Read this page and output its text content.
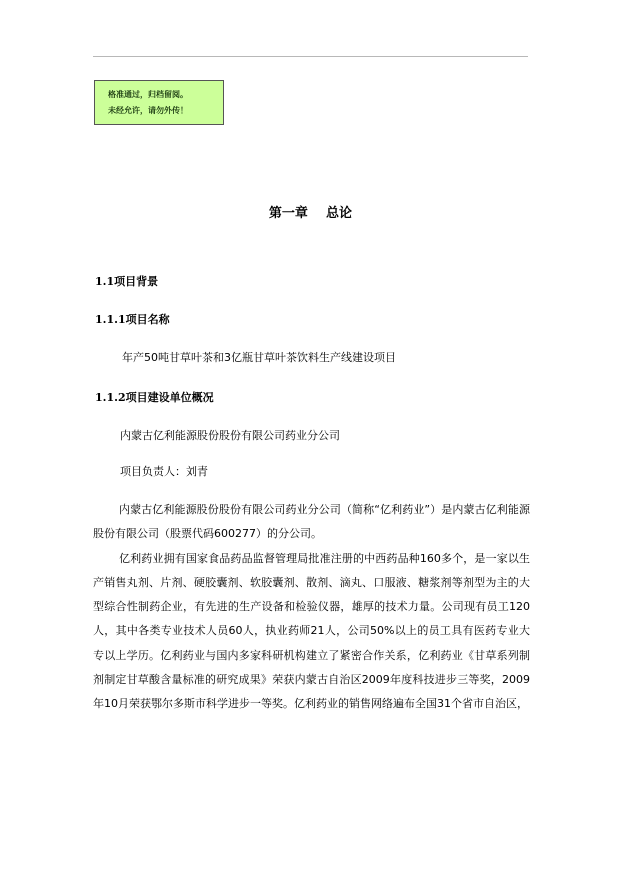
格准通过，归档留阅。
未经允许，请勿外传！
第一章 总论
1.1项目背景
1.1.1项目名称
年产50吨甘草叶茶和3亿瓶甘草叶茶饮料生产线建设项目
1.1.2项目建设单位概况
内蒙古亿利能源股份股份有限公司药业分公司
项目负责人：刘青

内蒙古亿利能源股份股份有限公司药业分公司（简称“亿利药业”）是内蒙古亿利能源股份有限公司（股票代码600277）的分公司。

亿利药业拥有国家食品药品监督管理局批准注册的中西药品种160多个，是一家以生产销售丸剂、片剂、硬胶囊剂、软胶囊剂、散剂、滴丸、口服液、糖浆剂等剂型为主的大型综合性制药企业，有先进的生产设备和检验仪器，雄厚的技术力量。公司现有员工120人，其中各类专业技术人员60人，执业药师21人，公司50%以上的员工具有医药专业大专以上学历。亿利药业与国内多家科研机构建立了紧密合作关系，亿利药业《甘草系列制剂制定甘草酸含量标准的研究成果》荣获内蒙古自治区2009年度科技进步三等奖，2009年10月荣获鄂尔多斯市科学进步一等奖。亿利药业的销售网络遍布全国31个省市自治区，
